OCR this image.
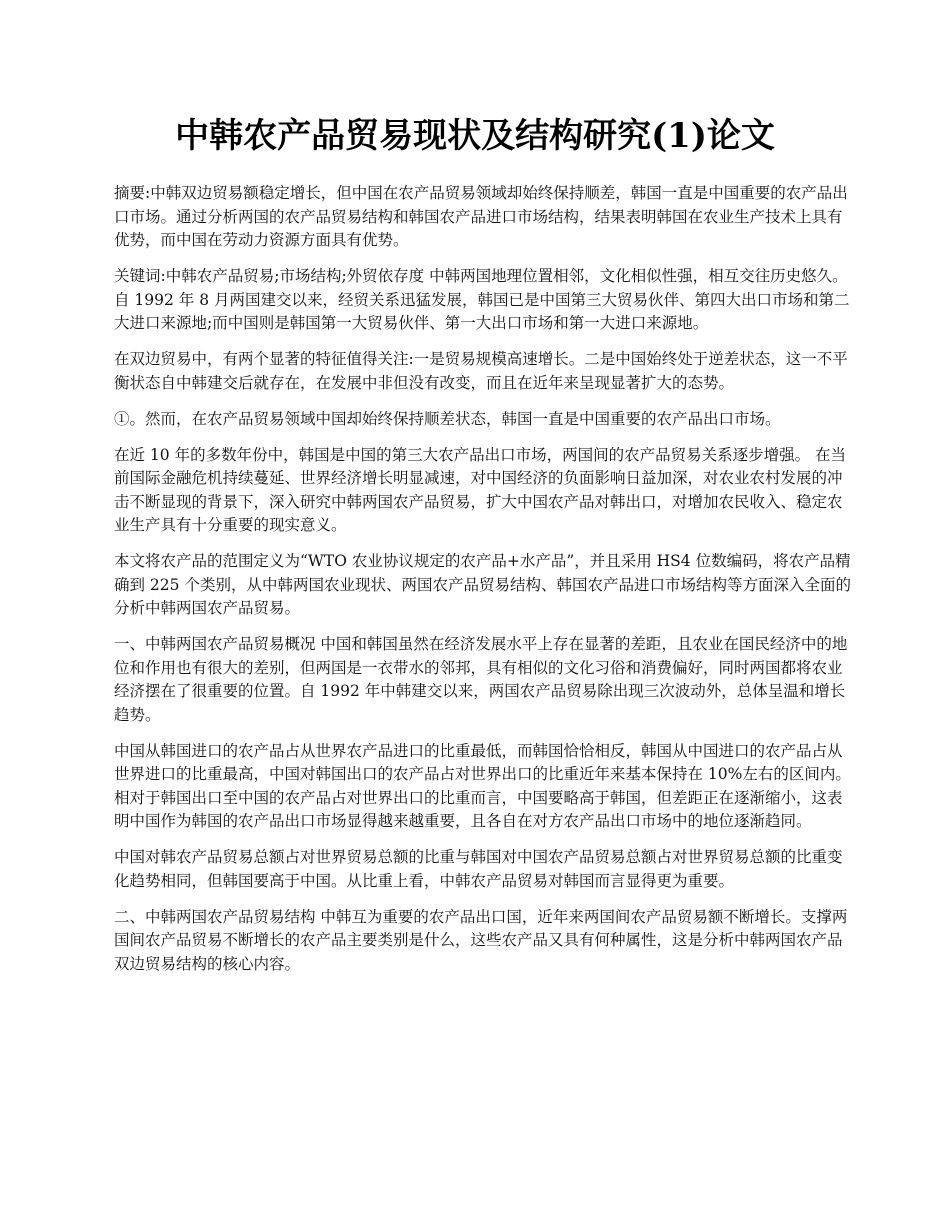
中韩农产品贸易现状及结构研究(1)论文

摘要:中韩双边贸易额稳定增长，但中国在农产品贸易领域却始终保持顺差，韩国一直是中国重要的农产品出口市场。通过分析两国的农产品贸易结构和韩国农产品进口市场结构，结果表明韩国在农业生产技术上具有优势，而中国在劳动力资源方面具有优势。

关键词:中韩农产品贸易;市场结构;外贸依存度 中韩两国地理位置相邻，文化相似性强，相互交往历史悠久。自 1992 年 8 月两国建交以来，经贸关系迅猛发展，韩国已是中国第三大贸易伙伴、第四大出口市场和第二大进口来源地;而中国则是韩国第一大贸易伙伴、第一大出口市场和第一大进口来源地。

在双边贸易中，有两个显著的特征值得关注:一是贸易规模高速增长。二是中国始终处于逆差状态，这一不平衡状态自中韩建交后就存在，在发展中非但没有改变，而且在近年来呈现显著扩大的态势。

①。然而，在农产品贸易领域中国却始终保持顺差状态，韩国一直是中国重要的农产品出口市场。

在近 10 年的多数年份中，韩国是中国的第三大农产品出口市场，两国间的农产品贸易关系逐步增强。 在当前国际金融危机持续蔓延、世界经济增长明显减速，对中国经济的负面影响日益加深，对农业农村发展的冲击不断显现的背景下，深入研究中韩两国农产品贸易，扩大中国农产品对韩出口，对增加农民收入、稳定农业生产具有十分重要的现实意义。

本文将农产品的范围定义为“WTO 农业协议规定的农产品+水产品”，并且采用 HS4 位数编码，将农产品精确到 225 个类别，从中韩两国农业现状、两国农产品贸易结构、韩国农产品进口市场结构等方面深入全面的分析中韩两国农产品贸易。

一、中韩两国农产品贸易概况 中国和韩国虽然在经济发展水平上存在显著的差距，且农业在国民经济中的地位和作用也有很大的差别，但两国是一衣带水的邻邦，具有相似的文化习俗和消费偏好，同时两国都将农业经济摆在了很重要的位置。自 1992 年中韩建交以来，两国农产品贸易除出现三次波动外，总体呈温和增长趋势。

中国从韩国进口的农产品占从世界农产品进口的比重最低，而韩国恰恰相反，韩国从中国进口的农产品占从世界进口的比重最高，中国对韩国出口的农产品占对世界出口的比重近年来基本保持在 10%左右的区间内。相对于韩国出口至中国的农产品占对世界出口的比重而言，中国要略高于韩国，但差距正在逐渐缩小，这表明中国作为韩国的农产品出口市场显得越来越重要，且各自在对方农产品出口市场中的地位逐渐趋同。

中国对韩农产品贸易总额占对世界贸易总额的比重与韩国对中国农产品贸易总额占对世界贸易总额的比重变化趋势相同，但韩国要高于中国。从比重上看，中韩农产品贸易对韩国而言显得更为重要。

二、中韩两国农产品贸易结构 中韩互为重要的农产品出口国，近年来两国间农产品贸易额不断增长。支撑两国间农产品贸易不断增长的农产品主要类别是什么，这些农产品又具有何种属性，这是分析中韩两国农产品双边贸易结构的核心内容。
